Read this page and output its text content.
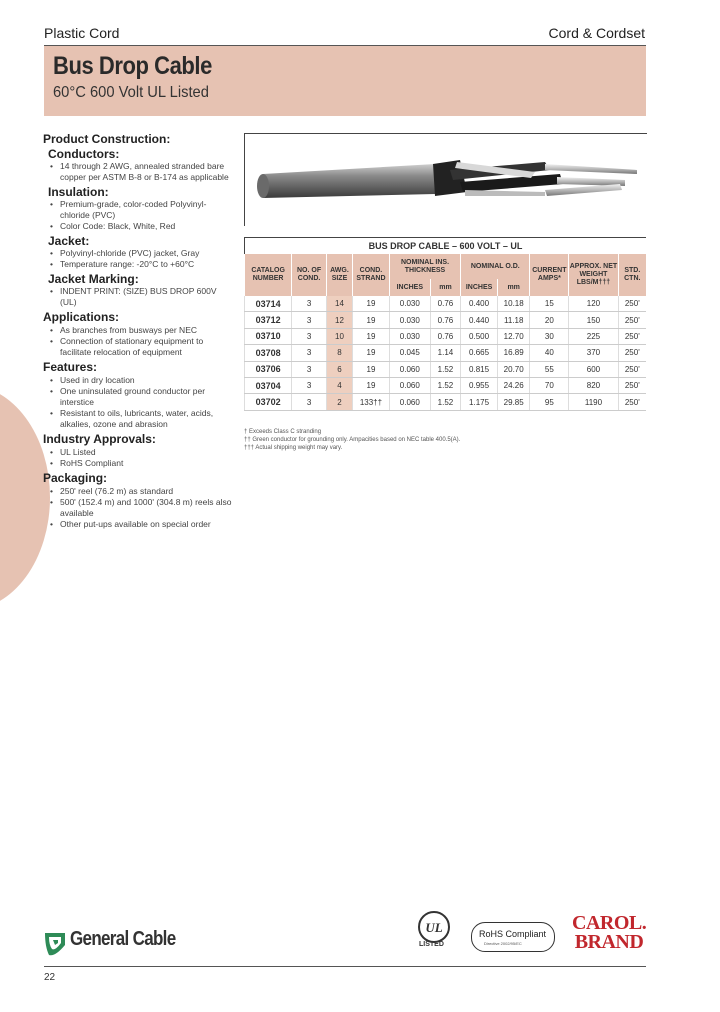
Plastic Cord	Cord & Cordset
Bus Drop Cable
60°C 600 Volt UL Listed
Product Construction:
Conductors:
• 14 through 2 AWG, annealed stranded bare copper per ASTM B-8 or B-174 as applicable
Insulation:
• Premium-grade, color-coded Polyvinyl-chloride (PVC)
• Color Code: Black, White, Red
Jacket:
• Polyvinyl-chloride (PVC) jacket, Gray
• Temperature range: -20°C to +60°C
Jacket Marking:
• INDENT PRINT: (SIZE) BUS DROP 600V (UL)
Applications:
• As branches from busways per NEC
• Connection of stationary equipment to facilitate relocation of equipment
Features:
• Used in dry location
• One uninsulated ground conductor per interstice
• Resistant to oils, lubricants, water, acids, alkalies, ozone and abrasion
Industry Approvals:
• UL Listed
• RoHS Compliant
Packaging:
• 250' reel (76.2 m) as standard
• 500' (152.4 m) and 1000' (304.8 m) reels also available
• Other put-ups available on special order
BUS DROP CABLE – 600 VOLT – UL
CATALOG NUMBER	NO. OF COND.	AWG. SIZE	COND. STRAND	NOMINAL INS. THICKNESS		NOMINAL O.D.		CURRENT AMPS*	APPROX. NET WEIGHT LBS/M†††	STD. CTN.
				INCHES	mm	INCHES	mm			
03714	3	14	19	0.030	0.76	0.400	10.18	15	120	250'
03712	3	12	19	0.030	0.76	0.440	11.18	20	150	250'
03710	3	10	19	0.030	0.76	0.500	12.70	30	225	250'
03708	3	8	19	0.045	1.14	0.665	16.89	40	370	250'
03706	3	6	19	0.060	1.52	0.815	20.70	55	600	250'
03704	3	4	19	0.060	1.52	0.955	24.26	70	820	250'
03702	3	2	133††	0.060	1.52	1.175	29.85	95	1190	250'
† Exceeds Class C stranding
†† Green conductor for grounding only. Ampacities based on NEC table 400.5(A).
††† Actual shipping weight may vary.
General Cable
UL
LISTED
RoHS Compliant
Directive 2002/95/EC
CAROL.
BRAND
22
